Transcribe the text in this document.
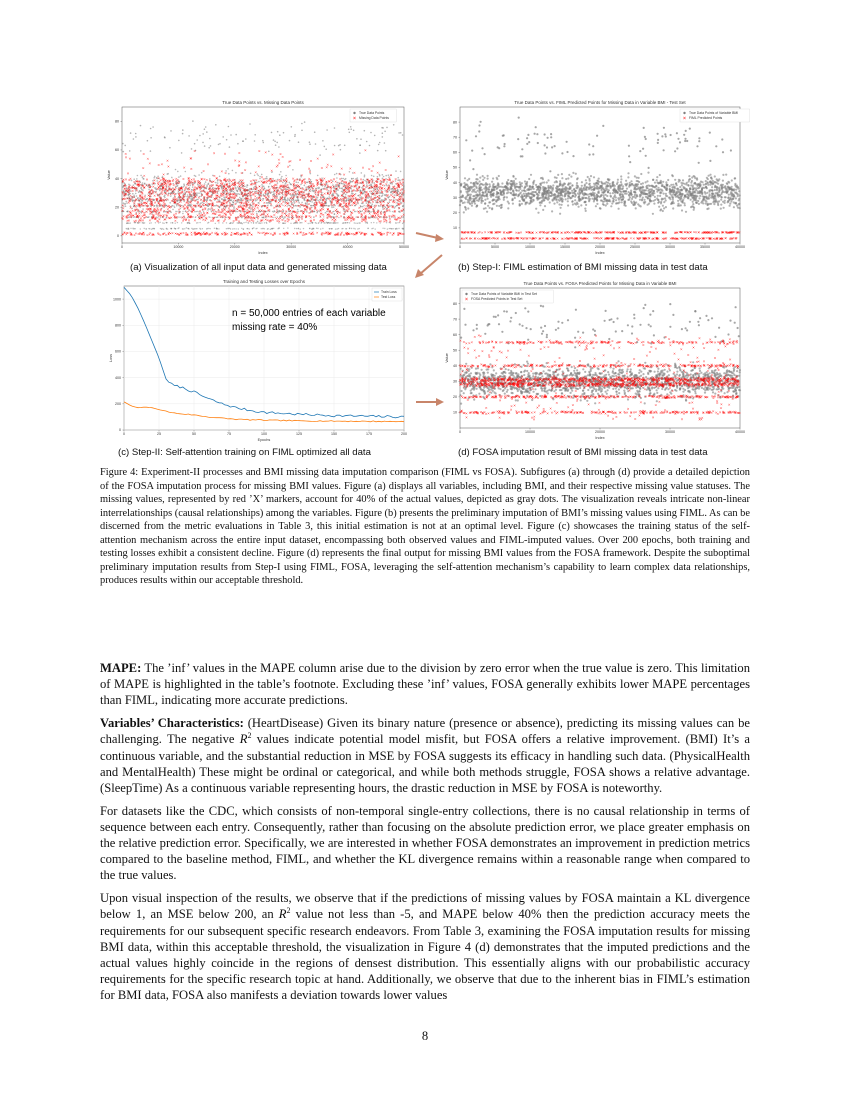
True Data Points vs. Missing Data Points
Index
Value
0	10000	20000	30000	40000	50000
0
20
40
60
80
True Data Points
Missing Data Points
True Data Points vs. FIML Predicted Points for Missing Data in Variable BMI - Test Set
Index
Value
0	5000	10000	15000	20000	25000	30000	35000	40000
10
20
30
40
50
60
70
80
True Data Points of Variable BMI
FIML Predicted Points
Training and Testing Losses over Epochs
Epochs
Loss
0	25	50	75	100	125	150	175	200
0
200
400
600
800
1000
Train Loss
Test Loss
n = 50,000 entries of each variable
missing rate = 40%
True Data Points vs. FOSA Predicted Points for Missing Data in Variable BMI
Index
Value
0	10000	20000	30000	40000
10
20
30
40
50
60
70
80
True Data Points of Variable BMI in Test Set
FOSA Predicted Points in Test Set
(a) Visualization of all input data and generated missing data	(b) Step-I: FIML estimation of BMI missing data in test data
(c) Step-II: Self-attention training on FIML optimized all data	(d) FOSA imputation result of BMI missing data in test data
Figure 4: Experiment-II processes and BMI missing data imputation comparison (FIML vs FOSA). Subfigures (a) through (d) provide a detailed depiction of the FOSA imputation process for missing BMI values. Figure (a) displays all variables, including BMI, and their respective missing value statuses. The missing values, represented by red ’X’ markers, account for 40% of the actual values, depicted as gray dots. The visualization reveals intricate non-linear interrelationships (causal relationships) among the variables. Figure (b) presents the preliminary imputation of BMI’s missing values using FIML. As can be discerned from the metric evaluations in Table 3, this initial estimation is not at an optimal level. Figure (c) showcases the training status of the self-attention mechanism across the entire input dataset, encompassing both observed values and FIML-imputed values. Over 200 epochs, both training and testing losses exhibit a consistent decline. Figure (d) represents the final output for missing BMI values from the FOSA framework. Despite the suboptimal preliminary imputation results from Step-I using FIML, FOSA, leveraging the self-attention mechanism’s capability to learn complex data relationships, produces results within our acceptable threshold.

MAPE: The ’inf’ values in the MAPE column arise due to the division by zero error when the true value is zero. This limitation of MAPE is highlighted in the table’s footnote. Excluding these ’inf’ values, FOSA generally exhibits lower MAPE percentages than FIML, indicating more accurate predictions.

Variables’ Characteristics: (HeartDisease) Given its binary nature (presence or absence), predicting its missing values can be challenging. The negative $R^2$ values indicate potential model misfit, but FOSA offers a relative improvement. (BMI) It’s a continuous variable, and the substantial reduction in MSE by FOSA suggests its efficacy in handling such data. (PhysicalHealth and MentalHealth) These might be ordinal or categorical, and while both methods struggle, FOSA shows a relative advantage. (SleepTime) As a continuous variable representing hours, the drastic reduction in MSE by FOSA is noteworthy.

For datasets like the CDC, which consists of non-temporal single-entry collections, there is no causal relationship in terms of sequence between each entry. Consequently, rather than focusing on the absolute prediction error, we place greater emphasis on the relative prediction error. Specifically, we are interested in whether FOSA demonstrates an improvement in prediction metrics compared to the baseline method, FIML, and whether the KL divergence remains within a reasonable range when compared to the true values.

Upon visual inspection of the results, we observe that if the predictions of missing values by FOSA maintain a KL divergence below 1, an MSE below 200, an $R^2$ value not less than -5, and MAPE below 40% then the prediction accuracy meets the requirements for our subsequent specific research endeavors. From Table 3, examining the FOSA imputation results for missing BMI data, within this acceptable threshold, the visualization in Figure 4 (d) demonstrates that the imputed predictions and the actual values highly coincide in the regions of densest distribution. This essentially aligns with our probabilistic accuracy requirements for the specific research topic at hand. Additionally, we observe that due to the inherent bias in FIML’s estimation for BMI data, FOSA also manifests a deviation towards lower values

8
